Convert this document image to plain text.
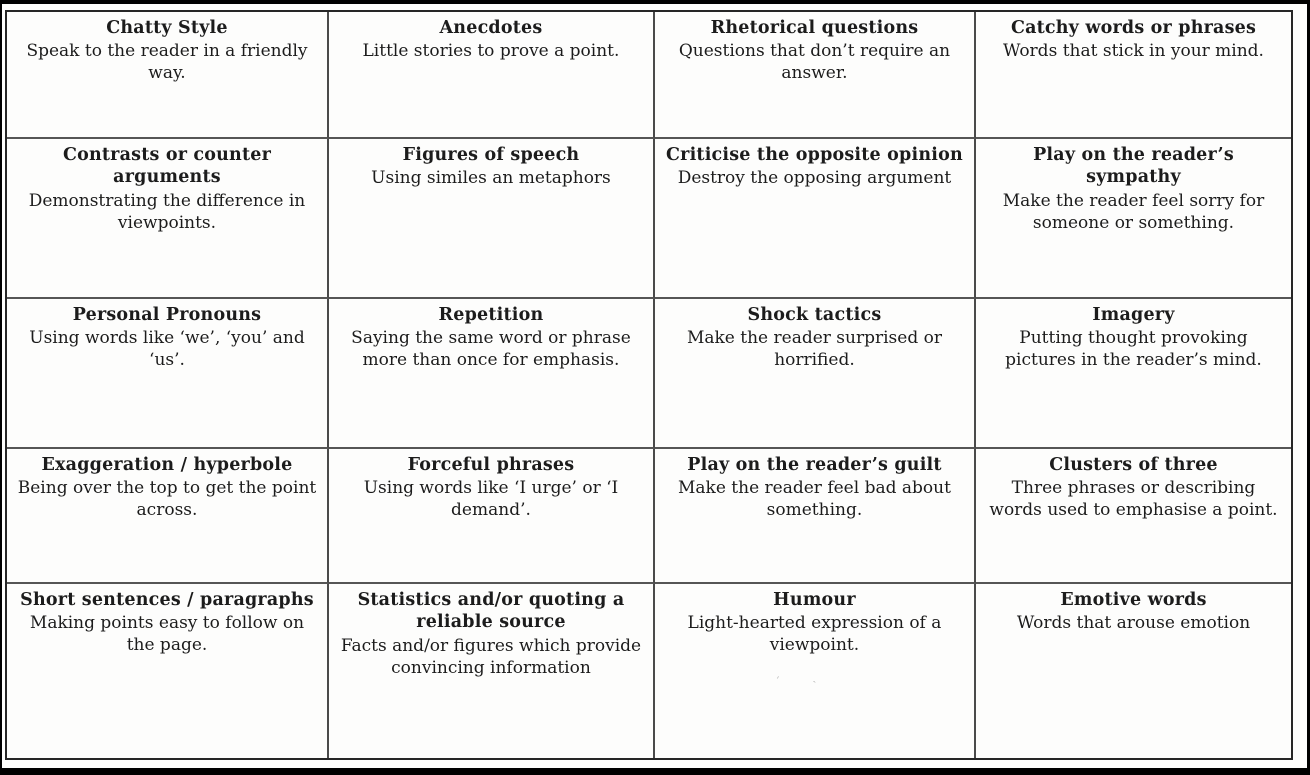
Chatty Style
Speak to the reader in a friendly way.
Anecdotes
Little stories to prove a point.
Rhetorical questions
Questions that don’t require an answer.
Catchy words or phrases
Words that stick in your mind.
Contrasts or counter arguments
Demonstrating the difference in viewpoints.
Figures of speech
Using similes an metaphors
Criticise the opposite opinion
Destroy the opposing argument
Play on the reader’s sympathy
Make the reader feel sorry for someone or something.
Personal Pronouns
Using words like ‘we’, ‘you’ and ‘us’.
Repetition
Saying the same word or phrase more than once for emphasis.
Shock tactics
Make the reader surprised or horrified.
Imagery
Putting thought provoking pictures in the reader’s mind.
Exaggeration / hyperbole
Being over the top to get the point across.
Forceful phrases
Using words like ‘I urge’ or ‘I demand’.
Play on the reader’s guilt
Make the reader feel bad about something.
Clusters of three
Three phrases or describing words used to emphasise a point.
Short sentences / paragraphs
Making points easy to follow on the page.
Statistics and/or quoting a reliable source
Facts and/or figures which provide convincing information
Humour
Light-hearted expression of a viewpoint.
ˊ ˎ
Emotive words
Words that arouse emotion
